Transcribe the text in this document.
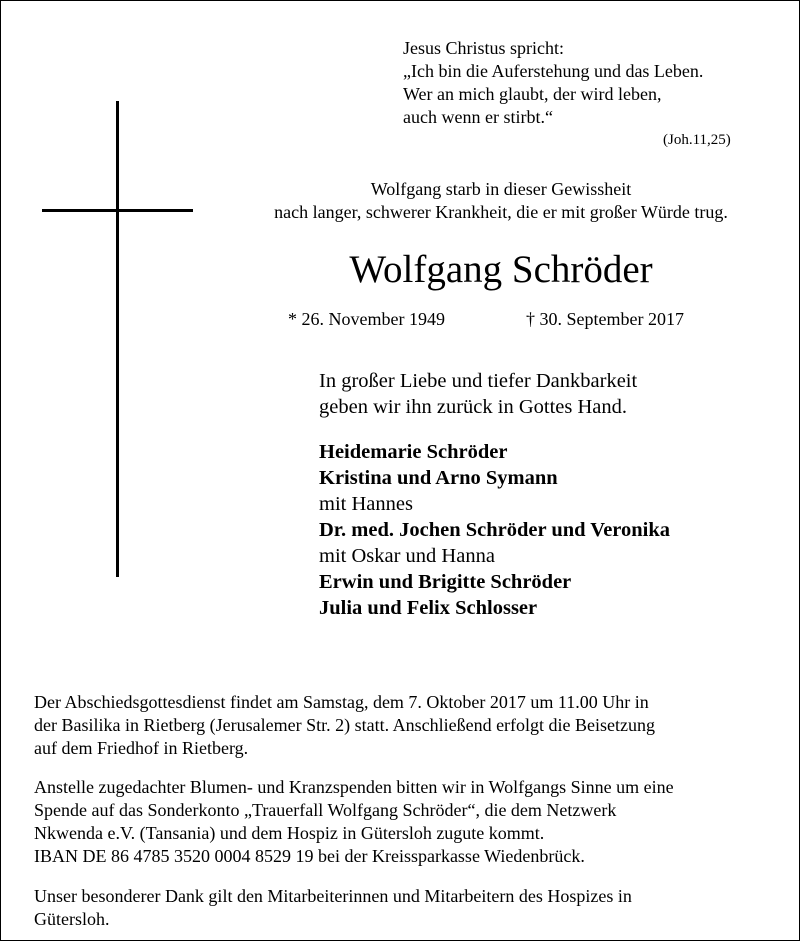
Jesus Christus spricht:
„Ich bin die Auferstehung und das Leben.
Wer an mich glaubt, der wird leben,
auch wenn er stirbt.“
(Joh.11,25)
Wolfgang starb in dieser Gewissheit
nach langer, schwerer Krankheit, die er mit großer Würde trug.
Wolfgang Schröder
* 26. November 1949	† 30. September 2017
In großer Liebe und tiefer Dankbarkeit
geben wir ihn zurück in Gottes Hand.
Heidemarie Schröder
Kristina und Arno Symann
mit Hannes
Dr. med. Jochen Schröder und Veronika
mit Oskar und Hanna
Erwin und Brigitte Schröder
Julia und Felix Schlosser
Der Abschiedsgottesdienst findet am Samstag, dem 7. Oktober 2017 um 11.00 Uhr in
der Basilika in Rietberg (Jerusalemer Str. 2) statt. Anschließend erfolgt die Beisetzung
auf dem Friedhof in Rietberg.
Anstelle zugedachter Blumen- und Kranzspenden bitten wir in Wolfgangs Sinne um eine
Spende auf das Sonderkonto „Trauerfall Wolfgang Schröder“, die dem Netzwerk
Nkwenda e.V. (Tansania) und dem Hospiz in Gütersloh zugute kommt.
IBAN DE 86 4785 3520 0004 8529 19 bei der Kreissparkasse Wiedenbrück.
Unser besonderer Dank gilt den Mitarbeiterinnen und Mitarbeitern des Hospizes in
Gütersloh.
